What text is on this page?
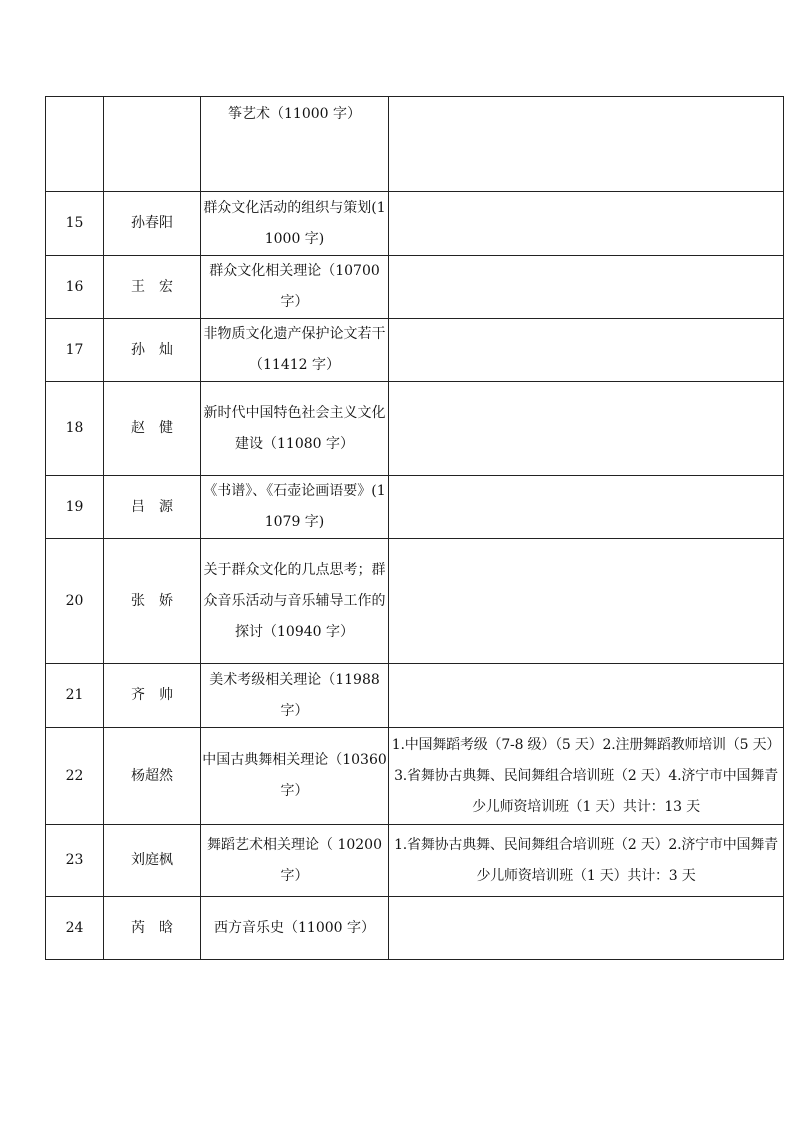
		筝艺术（11000 字）	
15	孙春阳	群众文化活动的组织与策划(11000 字)	
16	王　宏	群众文化相关理论（10700 字）	
17	孙　灿	非物质文化遗产保护论文若干（11412 字）	
18	赵　健	新时代中国特色社会主义文化建设（11080 字）	
19	吕　源	《书谱》、《石壶论画语要》(11079 字)	
20	张　娇	关于群众文化的几点思考；群众音乐活动与音乐辅导工作的探讨（10940 字）	
21	齐　帅	美术考级相关理论（11988 字）	
22	杨超然	中国古典舞相关理论（10360 字）	1.中国舞蹈考级（7-8 级）（5 天）2.注册舞蹈教师培训（5 天）3.省舞协古典舞、民间舞组合培训班（2 天）4.济宁市中国舞青少儿师资培训班（1 天）共计：13 天
23	刘庭枫	舞蹈艺术相关理论（ 10200 字）	1.省舞协古典舞、民间舞组合培训班（2 天）2.济宁市中国舞青少儿师资培训班（1 天）共计：3 天
24	芮　晗	西方音乐史（11000 字）	
